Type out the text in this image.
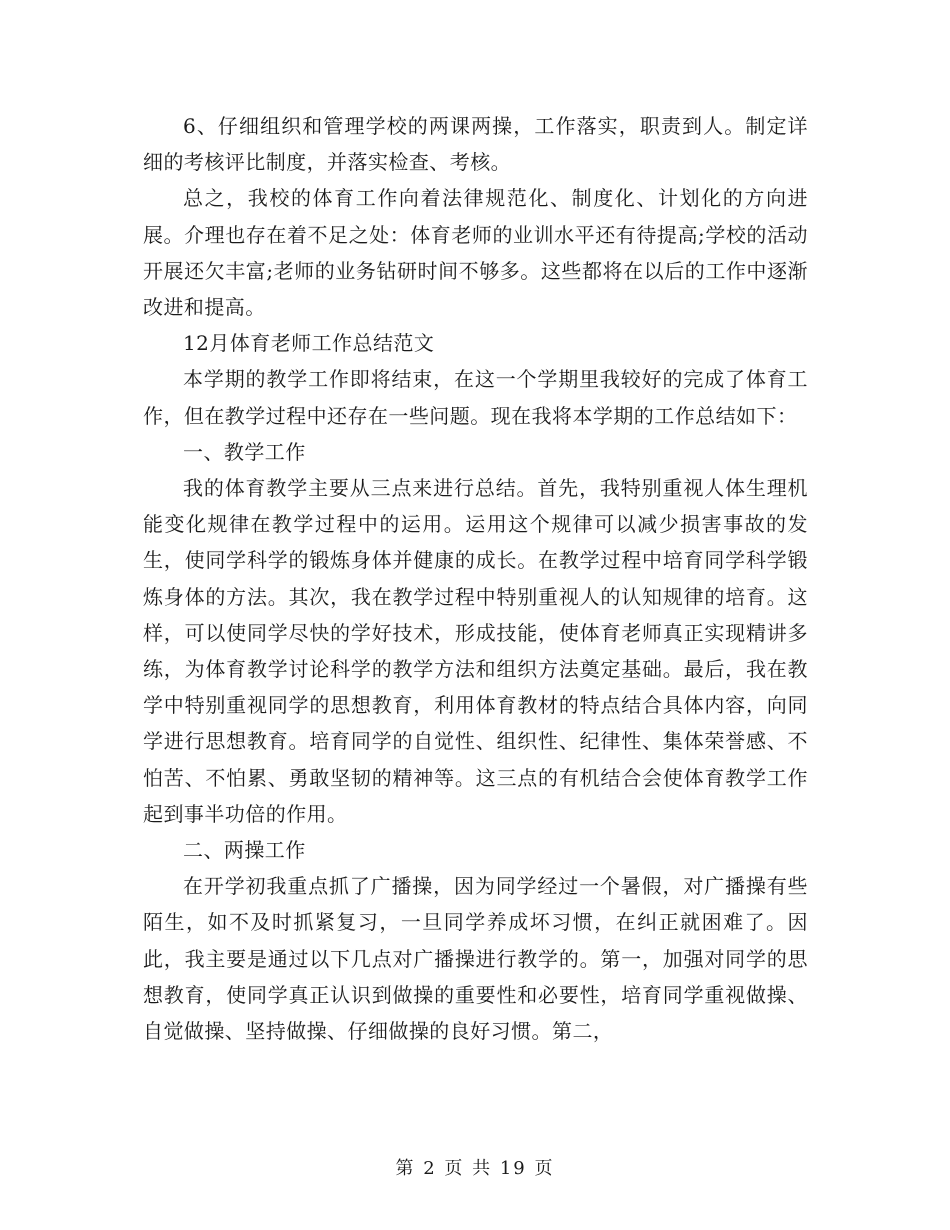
6、仔细组织和管理学校的两课两操，工作落实，职责到人。制定详细的考核评比制度，并落实检查、考核。

总之，我校的体育工作向着法律规范化、制度化、计划化的方向进展。介理也存在着不足之处：体育老师的业训水平还有待提高;学校的活动开展还欠丰富;老师的业务钻研时间不够多。这些都将在以后的工作中逐渐改进和提高。

12月体育老师工作总结范文

本学期的教学工作即将结束，在这一个学期里我较好的完成了体育工作，但在教学过程中还存在一些问题。现在我将本学期的工作总结如下：

一、教学工作

我的体育教学主要从三点来进行总结。首先，我特别重视人体生理机能变化规律在教学过程中的运用。运用这个规律可以减少损害事故的发生，使同学科学的锻炼身体并健康的成长。在教学过程中培育同学科学锻炼身体的方法。其次，我在教学过程中特别重视人的认知规律的培育。这样，可以使同学尽快的学好技术，形成技能，使体育老师真正实现精讲多练，为体育教学讨论科学的教学方法和组织方法奠定基础。最后，我在教学中特别重视同学的思想教育，利用体育教材的特点结合具体内容，向同学进行思想教育。培育同学的自觉性、组织性、纪律性、集体荣誉感、不怕苦、不怕累、勇敢坚韧的精神等。这三点的有机结合会使体育教学工作起到事半功倍的作用。

二、两操工作

在开学初我重点抓了广播操，因为同学经过一个暑假，对广播操有些陌生，如不及时抓紧复习，一旦同学养成坏习惯，在纠正就困难了。因此，我主要是通过以下几点对广播操进行教学的。第一，加强对同学的思想教育，使同学真正认识到做操的重要性和必要性，培育同学重视做操、自觉做操、坚持做操、仔细做操的良好习惯。第二，

第 2 页 共 19 页
